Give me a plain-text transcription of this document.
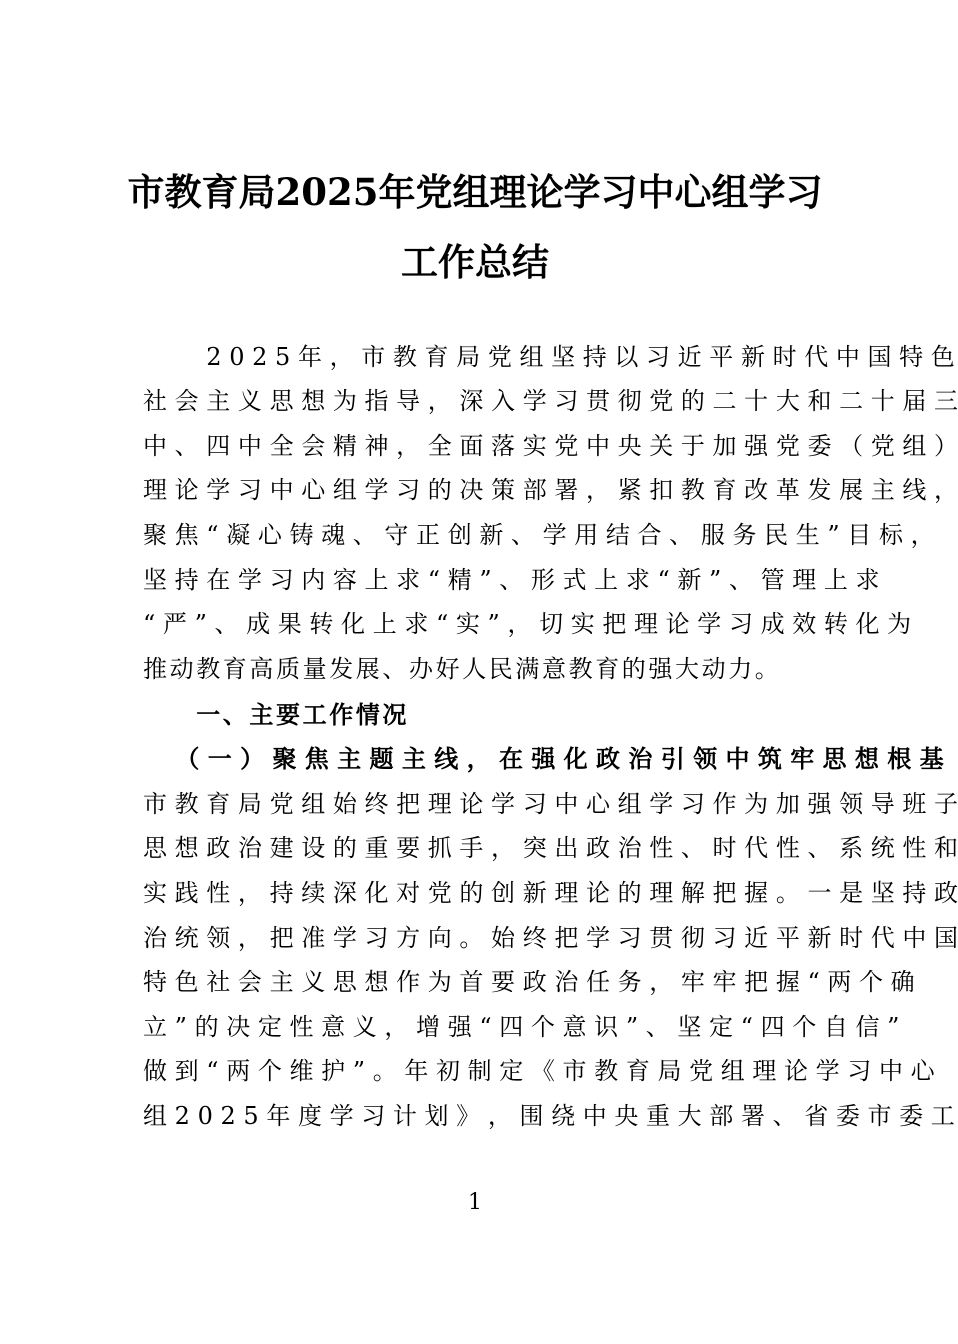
市教育局2025年党组理论学习中心组学习
工作总结
　 　 2 0 2 5 年 ， 市 教 育 局 党 组 坚 持 以 习 近 平 新 时 代 中 国 特 色
社 会 主 义 思 想 为 指 导 ， 深 入 学 习 贯 彻 党 的 二 十 大 和 二 十 届 三
中 、 四 中 全 会 精 神 ， 全 面 落 实 党 中 央 关 于 加 强 党 委 （ 党 组 ）
理 论 学 习 中 心 组 学 习 的 决 策 部 署 ， 紧 扣 教 育 改 革 发 展 主 线 ，
聚 焦 “ 凝 心 铸 魂 、 守 正 创 新 、 学 用 结 合 、 服 务 民 生 ” 目 标 ，
坚 持 在 学 习 内 容 上 求 “ 精 ” 、 形 式 上 求 “ 新 ” 、 管 理 上 求
“ 严 ” 、 成 果 转 化 上 求 “ 实 ” ， 切 实 把 理 论 学 习 成 效 转 化 为
推动教育高质量发展、办好人民满意教育的强大动力。
　　一、主要工作情况
　 （ 一 ） 聚 焦 主 题 主 线 ， 在 强 化 政 治 引 领 中 筑 牢 思 想 根 基
市 教 育 局 党 组 始 终 把 理 论 学 习 中 心 组 学 习 作 为 加 强 领 导 班 子
思 想 政 治 建 设 的 重 要 抓 手 ， 突 出 政 治 性 、 时 代 性 、 系 统 性 和
实 践 性 ， 持 续 深 化 对 党 的 创 新 理 论 的 理 解 把 握 。 一 是 坚 持 政
治 统 领 ， 把 准 学 习 方 向 。 始 终 把 学 习 贯 彻 习 近 平 新 时 代 中 国
特 色 社 会 主 义 思 想 作 为 首 要 政 治 任 务 ， 牢 牢 把 握 “ 两 个 确
立 ” 的 决 定 性 意 义 ， 增 强 “ 四 个 意 识 ” 、 坚 定 “ 四 个 自 信 ”
做 到 “ 两 个 维 护 ” 。 年 初 制 定 《 市 教 育 局 党 组 理 论 学 习 中 心
组 2 0 2 5 年 度 学 习 计 划 》 ， 围 绕 中 央 重 大 部 署 、 省 委 市 委 工
1
